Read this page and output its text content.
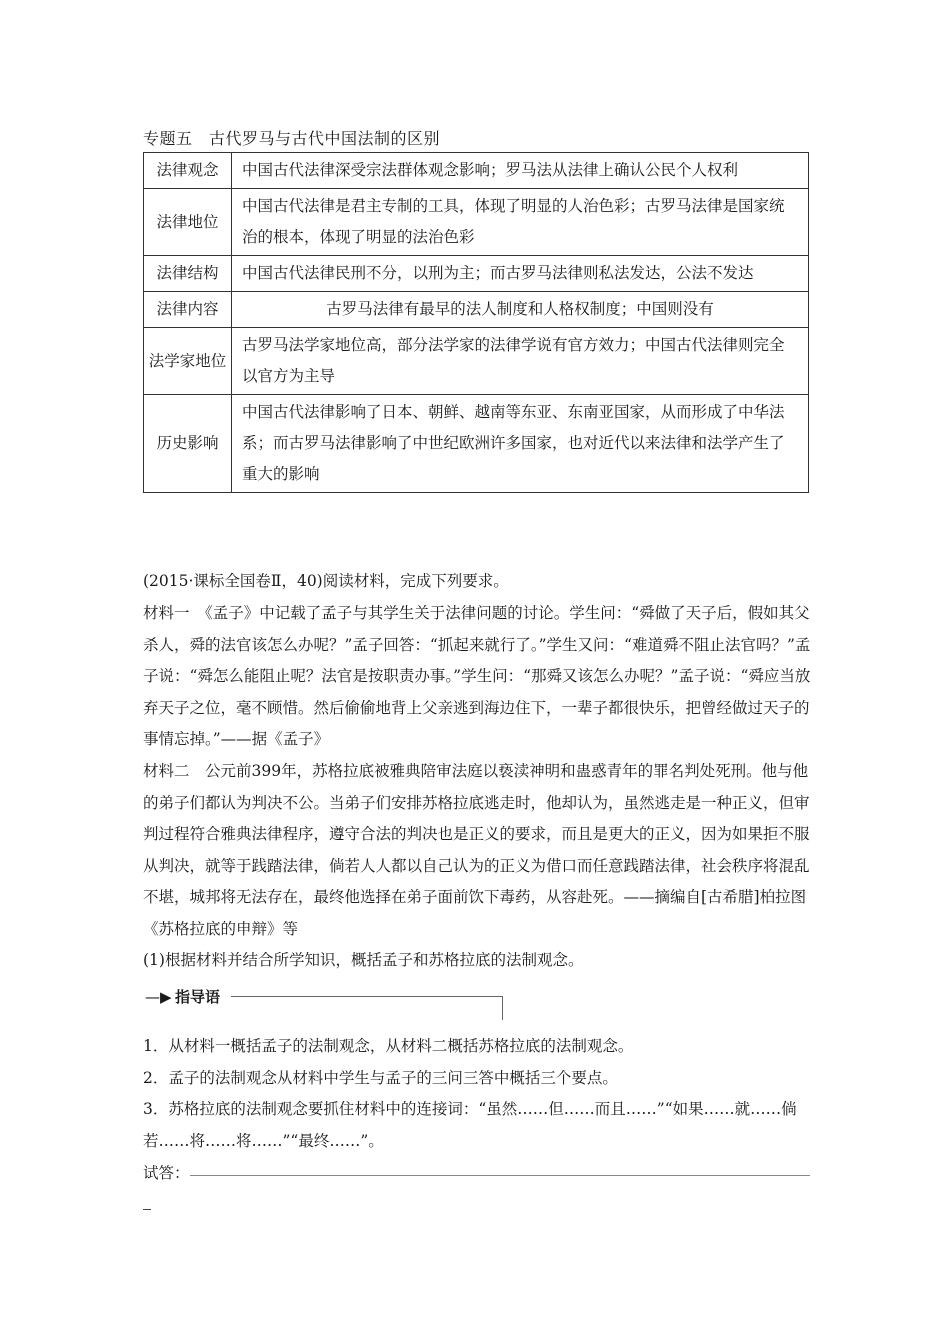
专题五　古代罗马与古代中国法制的区别
法律观念	中国古代法律深受宗法群体观念影响；罗马法从法律上确认公民个人权利
法律地位	中国古代法律是君主专制的工具，体现了明显的人治色彩；古罗马法律是国家统治的根本，体现了明显的法治色彩
法律结构	中国古代法律民刑不分，以刑为主；而古罗马法律则私法发达，公法不发达
法律内容	古罗马法律有最早的法人制度和人格权制度；中国则没有
法学家地位	古罗马法学家地位高，部分法学家的法律学说有官方效力；中国古代法律则完全以官方为主导
历史影响	中国古代法律影响了日本、朝鲜、越南等东亚、东南亚国家，从而形成了中华法系；而古罗马法律影响了中世纪欧洲许多国家，也对近代以来法律和法学产生了重大的影响
(2015·课标全国卷Ⅱ，40)阅读材料，完成下列要求。
材料一　《孟子》中记载了孟子与其学生关于法律问题的讨论。学生问：“舜做了天子后，假如其父杀人，舜的法官该怎么办呢？”孟子回答：“抓起来就行了。”学生又问：“难道舜不阻止法官吗？”孟子说：“舜怎么能阻止呢？法官是按职责办事。”学生问：“那舜又该怎么办呢？”孟子说：“舜应当放弃天子之位，毫不顾惜。然后偷偷地背上父亲逃到海边住下，一辈子都很快乐，把曾经做过天子的事情忘掉。”——据《孟子》
材料二　公元前399年，苏格拉底被雅典陪审法庭以亵渎神明和蛊惑青年的罪名判处死刑。他与他的弟子们都认为判决不公。当弟子们安排苏格拉底逃走时，他却认为，虽然逃走是一种正义，但审判过程符合雅典法律程序，遵守合法的判决也是正义的要求，而且是更大的正义，因为如果拒不服从判决，就等于践踏法律，倘若人人都以自己认为的正义为借口而任意践踏法律，社会秩序将混乱不堪，城邦将无法存在，最终他选择在弟子面前饮下毒药，从容赴死。——摘编自[古希腊]柏拉图《苏格拉底的申辩》等
(1)根据材料并结合所学知识，概括孟子和苏格拉底的法制观念。
—▶ 指导语
1．从材料一概括孟子的法制观念，从材料二概括苏格拉底的法制观念。
2．孟子的法制观念从材料中学生与孟子的三问三答中概括三个要点。
3．苏格拉底的法制观念要抓住材料中的连接词：“虽然……但……而且……”“如果……就……倘若……将……将……”“最终……”。
试答：
